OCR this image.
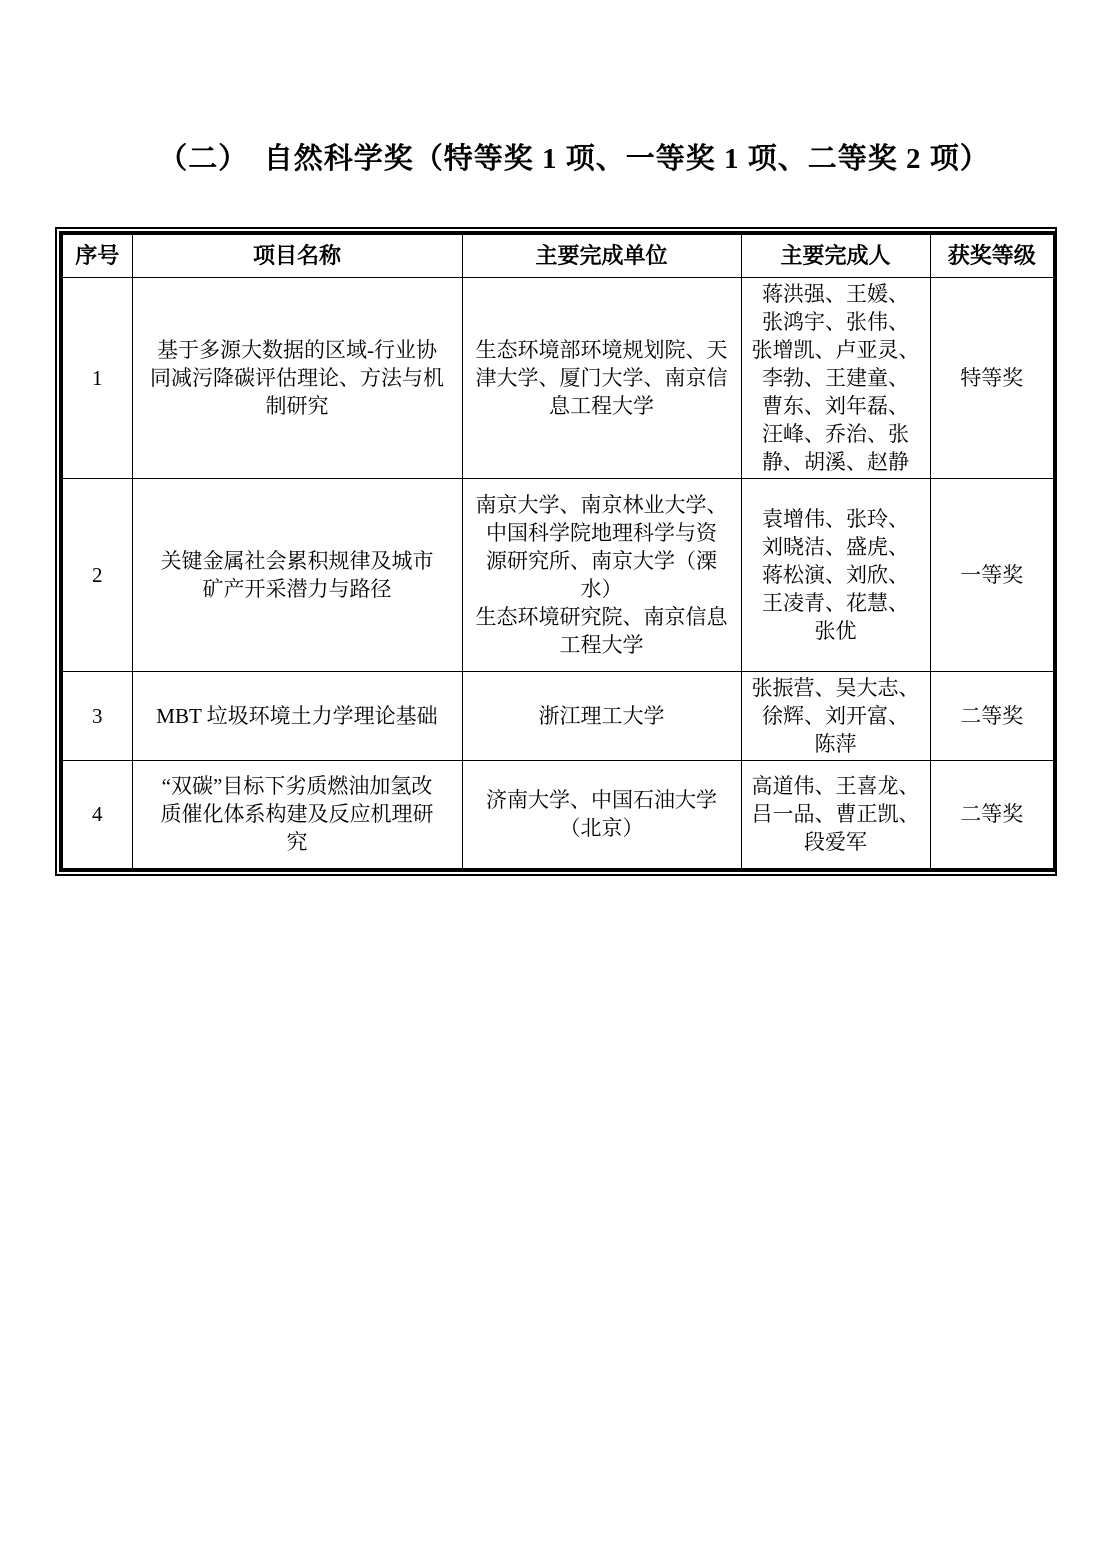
（二）　自然科学奖（特等奖 1 项、一等奖 1 项、二等奖 2 项）
序号	项目名称	主要完成单位	主要完成人	获奖等级
1	基于多源大数据的区域-行业协
同减污降碳评估理论、方法与机
制研究	生态环境部环境规划院、天
津大学、厦门大学、南京信
息工程大学	蒋洪强、王媛、
张鸿宇、张伟、
张增凯、卢亚灵、
李勃、王建童、
曹东、刘年磊、
汪峰、乔治、张
静、胡溪、赵静	特等奖
2	关键金属社会累积规律及城市
矿产开采潜力与路径	南京大学、南京林业大学、
中国科学院地理科学与资
源研究所、南京大学（溧水）
生态环境研究院、南京信息
工程大学	袁增伟、张玲、
刘晓洁、盛虎、
蒋松演、刘欣、
王凌青、花慧、
张优	一等奖
3	MBT 垃圾环境土力学理论基础	浙江理工大学	张振营、吴大志、
徐辉、刘开富、
陈萍	二等奖
4	“双碳”目标下劣质燃油加氢改
质催化体系构建及反应机理研
究	济南大学、中国石油大学
（北京）	高道伟、王喜龙、
吕一品、曹正凯、
段爱军	二等奖
